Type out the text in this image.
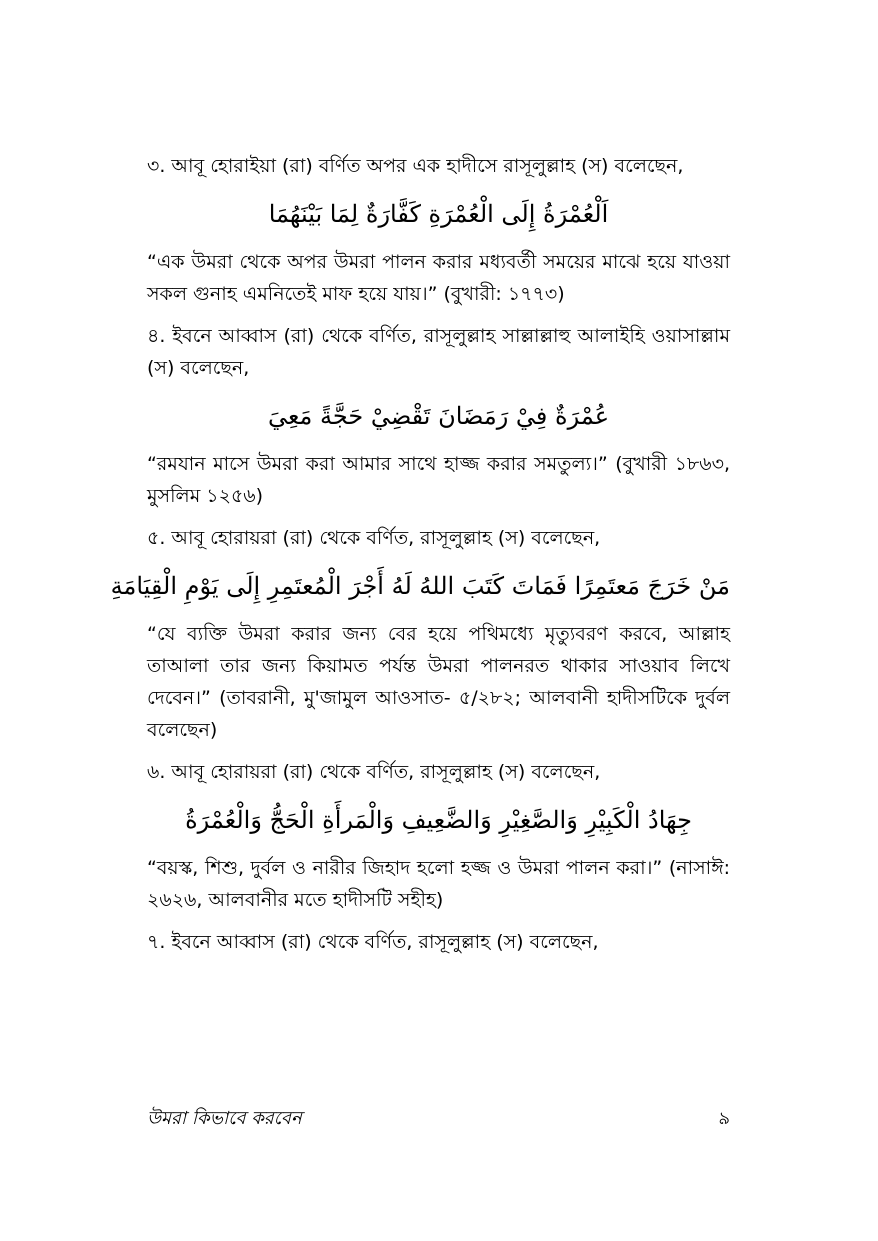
৩. আবূ হোরাইয়া (রা) বর্ণিত অপর এক হাদীসে রাসূলুল্লাহ (স) বলেছেন,

اَلْعُمْرَةُ إِلَى الْعُمْرَةِ كَفَّارَةٌ لِمَا بَيْنَهُمَا

“এক উমরা থেকে অপর উমরা পালন করার মধ্যবর্তী সময়ের মাঝে হয়ে যাওয়া সকল গুনাহ এমনিতেই মাফ হয়ে যায়।” (বুখারী: ১৭৭৩)

৪. ইবনে আব্বাস (রা) থেকে বর্ণিত, রাসূলুল্লাহ সাল্লাল্লাহু আলাইহি ওয়াসাল্লাম (স) বলেছেন,

عُمْرَةٌ فِيْ رَمَضَانَ تَقْضِيْ حَجَّةً مَعِيَ

“রমযান মাসে উমরা করা আমার সাথে হাজ্জ করার সমতুল্য।” (বুখারী ১৮৬৩, মুসলিম ১২৫৬)

৫. আবূ হোরায়রা (রা) থেকে বর্ণিত, রাসূলুল্লাহ (স) বলেছেন,

مَنْ خَرَجَ مَعتَمِرًا فَمَاتَ كَتَبَ اللهُ لَهُ أَجْرَ الْمُعتَمِرِ إِلَى يَوْمِ الْقِيَامَةِ

“যে ব্যক্তি উমরা করার জন্য বের হয়ে পথিমধ্যে মৃত্যুবরণ করবে, আল্লাহ তাআলা তার জন্য কিয়ামত পর্যন্ত উমরা পালনরত থাকার সাওয়াব লিখে দেবেন।” (তাবরানী, মু'জামুল আওসাত- ৫/২৮২; আলবানী হাদীসটিকে দুর্বল বলেছেন)

৬. আবূ হোরায়রা (রা) থেকে বর্ণিত, রাসূলুল্লাহ (স) বলেছেন,

جِهَادُ الْكَبِيْرِ وَالصَّغِيْرِ وَالضَّعِيفِ وَالْمَرأَةِ الْحَجُّ وَالْعُمْرَةُ

“বয়স্ক, শিশু, দুর্বল ও নারীর জিহাদ হলো হজ্জ ও উমরা পালন করা।” (নাসাঈ: ২৬২৬, আলবানীর মতে হাদীসটি সহীহ)

৭. ইবনে আব্বাস (রা) থেকে বর্ণিত, রাসূলুল্লাহ (স) বলেছেন,

উমরা কিভাবে করবেন	৯
